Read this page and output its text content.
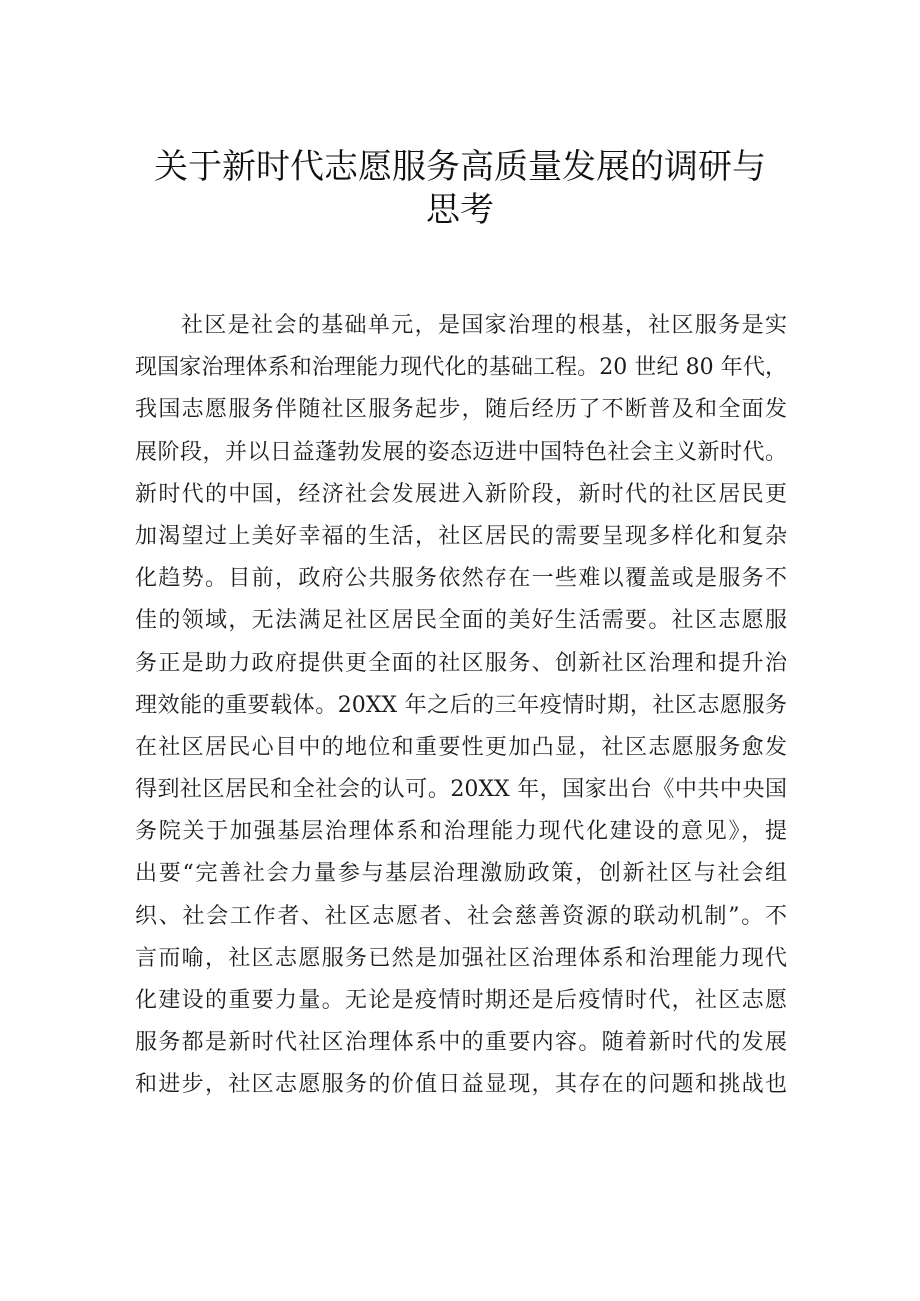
关于新时代志愿服务高质量发展的调研与
思考
社区是社会的基础单元，是国家治理的根基，社区服务是实
现国家治理体系和治理能力现代化的基础工程。20 世纪 80 年代，
我国志愿服务伴随社区服务起步，随后经历了不断普及和全面发
展阶段，并以日益蓬勃发展的姿态迈进中国特色社会主义新时代。
新时代的中国，经济社会发展进入新阶段，新时代的社区居民更
加渴望过上美好幸福的生活，社区居民的需要呈现多样化和复杂
化趋势。目前，政府公共服务依然存在一些难以覆盖或是服务不
佳的领域，无法满足社区居民全面的美好生活需要。社区志愿服
务正是助力政府提供更全面的社区服务、创新社区治理和提升治
理效能的重要载体。20XX 年之后的三年疫情时期，社区志愿服务
在社区居民心目中的地位和重要性更加凸显，社区志愿服务愈发
得到社区居民和全社会的认可。20XX 年，国家出台《中共中央国
务院关于加强基层治理体系和治理能力现代化建设的意见》，提
出要“完善社会力量参与基层治理激励政策，创新社区与社会组
织、社会工作者、社区志愿者、社会慈善资源的联动机制”。不
言而喻，社区志愿服务已然是加强社区治理体系和治理能力现代
化建设的重要力量。无论是疫情时期还是后疫情时代，社区志愿
服务都是新时代社区治理体系中的重要内容。随着新时代的发展
和进步，社区志愿服务的价值日益显现，其存在的问题和挑战也
